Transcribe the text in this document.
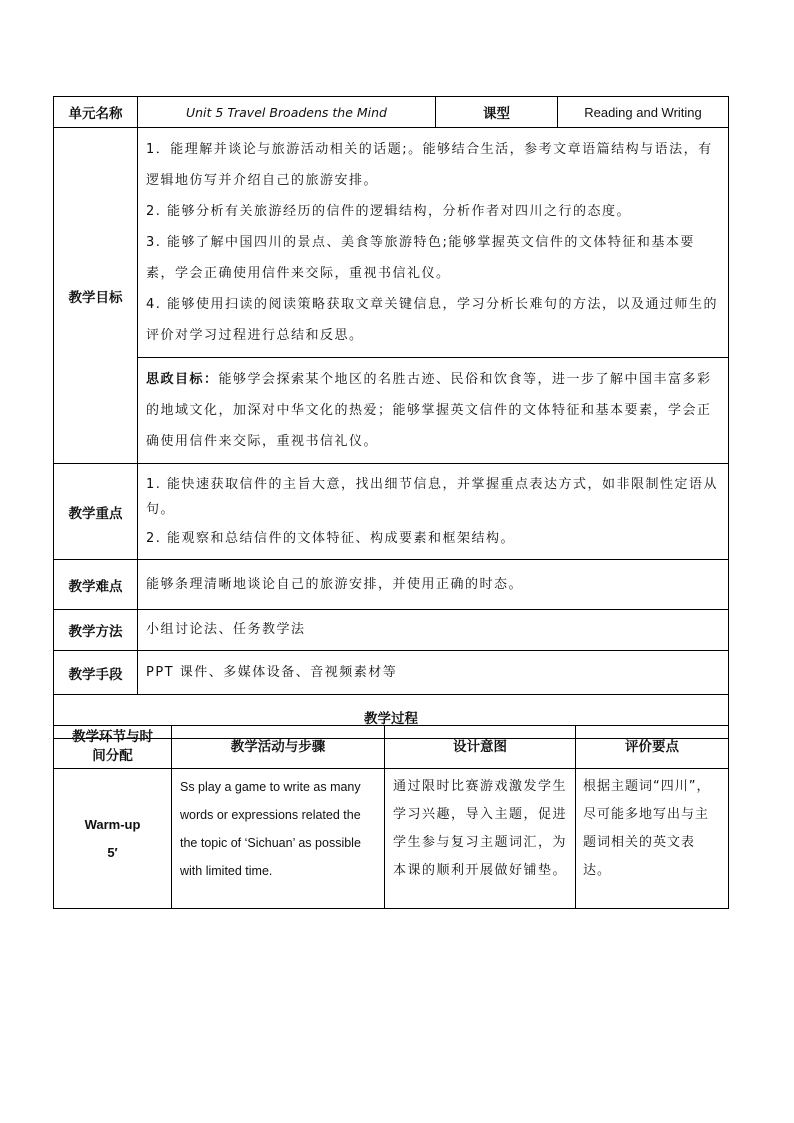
单元名称	Unit 5 Travel Broadens the Mind	课型	Reading and Writing
教学目标	1．能理解并谈论与旅游活动相关的话题;。能够结合生活，参考文章语篇结构与语法，有逻辑地仿写并介绍自己的旅游安排。

2. 能够分析有关旅游经历的信件的逻辑结构，分析作者对四川之行的态度。

3. 能够了解中国四川的景点、美食等旅游特色;能够掌握英文信件的文体特征和基本要素，学会正确使用信件来交际，重视书信礼仪。

4. 能够使用扫读的阅读策略获取文章关键信息，学习分析长难句的方法，以及通过师生的评价对学习过程进行总结和反思。		

	思政目标：能够学会探索某个地区的名胜古迹、民俗和饮食等，进一步了解中国丰富多彩的地域文化，加深对中华文化的热爱；能够掌握英文信件的文体特征和基本要素，学会正确使用信件来交际，重视书信礼仪。		
教学重点	1. 能快速获取信件的主旨大意，找出细节信息，并掌握重点表达方式，如非限制性定语从句。

2. 能观察和总结信件的文体特征、构成要素和框架结构。		

教学难点	能够条理清晰地谈论自己的旅游安排，并使用正确的时态。		
教学方法	小组讨论法、任务教学法		
教学手段	PPT 课件、多媒体设备、音视频素材等		
教学过程			
教学环节与时间分配	教学活动与步骤	设计意图	评价要点

Warm-up
5′	Ss play a game to write as many words or expressions related the the topic of ‘Sichuan’ as possible with limited time.	通过限时比赛游戏激发学生学习兴趣，导入主题，促进学生参与复习主题词汇，为本课的顺利开展做好铺垫。	根据主题词“四川”，尽可能多地写出与主题词相关的英文表达。
